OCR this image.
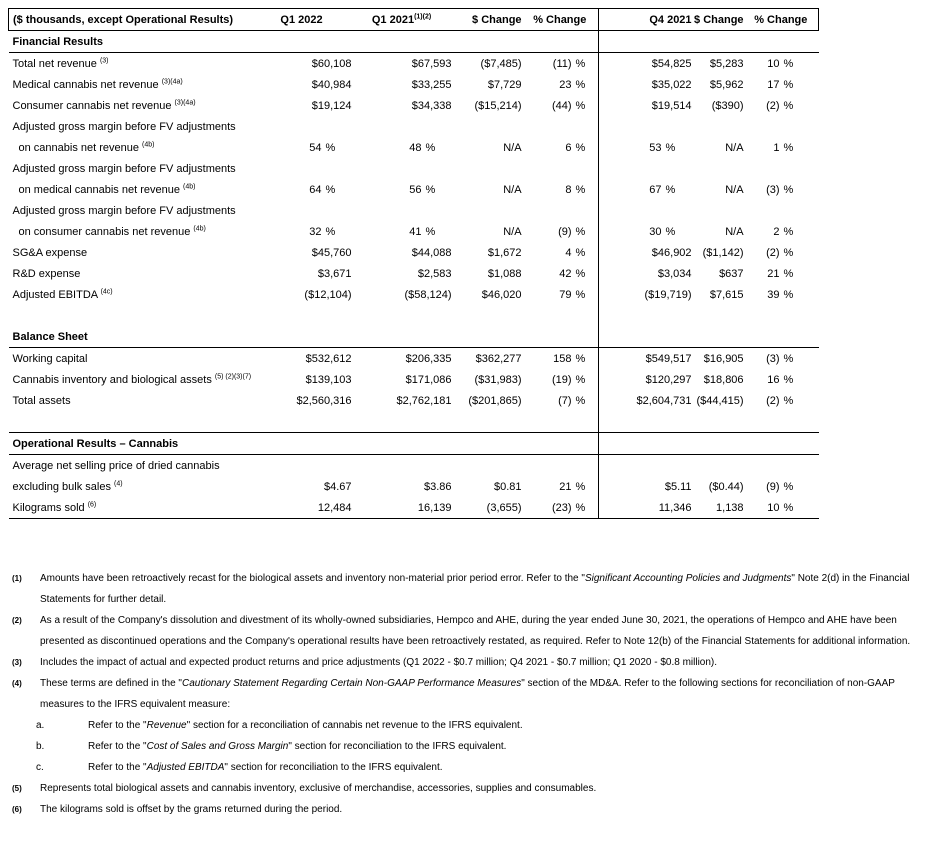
($ thousands, except Operational Results)	Q1 2022		Q1 $2021^{(1)(2)}$		$ Change	% Change		Q4 2021		$ Change	% Change	
Financial Results												
Total net revenue $^{(3)}$	$60,108		$67,593		($7,485)	(11)	%	$54,825		$5,283	10	%
Medical cannabis net revenue $^{(3)(4a)}$	$40,984		$33,255		$7,729	23	%	$35,022		$5,962	17	%
Consumer cannabis net revenue $^{(3)(4a)}$	$19,124		$34,338		($15,214)	(44)	%	$19,514		($390)	(2)	%
Adjusted gross margin before FV adjustments												
on cannabis net revenue $^{(4b)}$	54	%	48	%	N/A	6	%	53	%	N/A	1	%
Adjusted gross margin before FV adjustments												
on medical cannabis net revenue $^{(4b)}$	64	%	56	%	N/A	8	%	67	%	N/A	(3)	%
Adjusted gross margin before FV adjustments												
on consumer cannabis net revenue $^{(4b)}$	32	%	41	%	N/A	(9)	%	30	%	N/A	2	%
SG&A expense	$45,760		$44,088		$1,672	4	%	$46,902		($1,142)	(2)	%
R&D expense	$3,671		$2,583		$1,088	42	%	$3,034		$637	21	%
Adjusted EBITDA $^{(4c)}$	($12,104)		($58,124)		$46,020	79	%	($19,719)		$7,615	39	%

Balance Sheet												
Working capital	$532,612		$206,335		$362,277	158	%	$549,517		$16,905	(3)	%
Cannabis inventory and biological assets $^{(5) (2)(3)(7)}$	$139,103		$171,086		($31,983)	(19)	%	$120,297		$18,806	16	%
Total assets	$2,560,316		$2,762,181		($201,865)	(7)	%	$2,604,731		($44,415)	(2)	%

Operational Results – Cannabis												
Average net selling price of dried cannabis												
excluding bulk sales $^{(4)}$	$4.67		$3.86		$0.81	21	%	$5.11		($0.44)	(9)	%
Kilograms sold $^{(6)}$	12,484		16,139		(3,655)	(23)	%	11,346		1,138	10	%
(1)	Amounts have been retroactively recast for the biological assets and inventory non-material prior period error. Refer to the "Significant Accounting Policies and Judgments" Note 2(d) in the Financial Statements for further detail.
(2)	As a result of the Company's dissolution and divestment of its wholly-owned subsidiaries, Hempco and AHE, during the year ended June 30, 2021, the operations of Hempco and AHE have been presented as discontinued operations and the Company's operational results have been retroactively restated, as required. Refer to Note 12(b) of the Financial Statements for additional information.
(3)	Includes the impact of actual and expected product returns and price adjustments (Q1 2022 - $0.7 million; Q4 2021 - $0.7 million; Q1 2020 - $0.8 million).
(4)	These terms are defined in the "Cautionary Statement Regarding Certain Non-GAAP Performance Measures" section of the MD&A. Refer to the following sections for reconciliation of non-GAAP measures to the IFRS equivalent measure:
a.	Refer to the "Revenue" section for a reconciliation of cannabis net revenue to the IFRS equivalent.
b.	Refer to the "Cost of Sales and Gross Margin" section for reconciliation to the IFRS equivalent.
c.	Refer to the "Adjusted EBITDA" section for reconciliation to the IFRS equivalent.
(5)	Represents total biological assets and cannabis inventory, exclusive of merchandise, accessories, supplies and consumables.
(6)	The kilograms sold is offset by the grams returned during the period.
